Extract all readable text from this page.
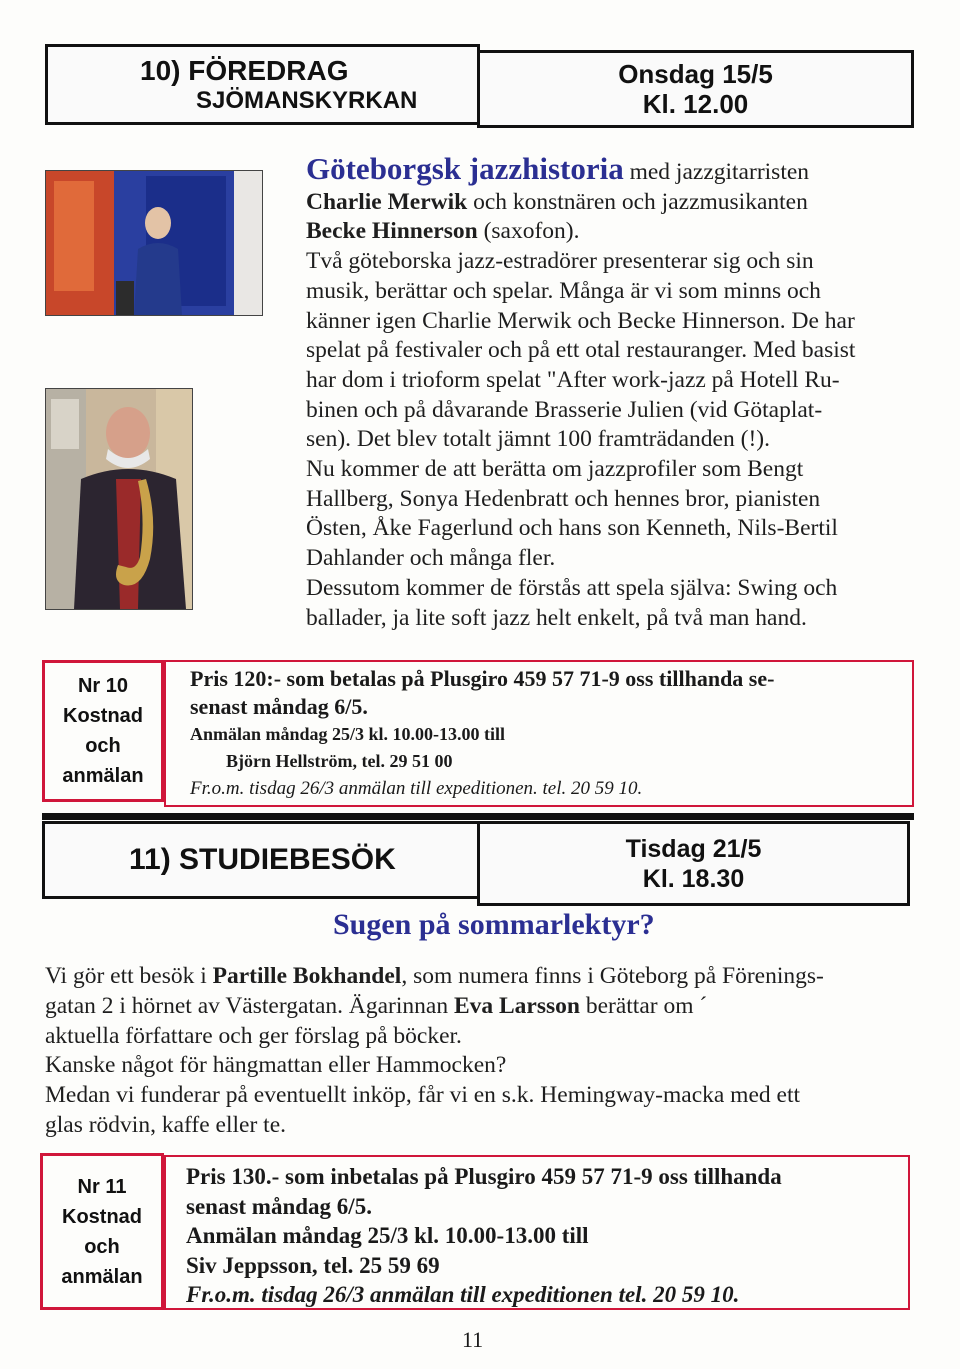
10) FÖREDRAG
SJÖMANSKYRKAN
Onsdag 15/5
Kl. 12.00
Göteborgsk jazzhistoria med jazzgitarristen
Charlie Merwik och konstnären och jazzmusikanten
Becke Hinnerson (saxofon).
Två göteborska jazz-estradörer presenterar sig och sin
musik, berättar och spelar. Många är vi som minns och
känner igen Charlie Merwik och Becke Hinnerson. De har
spelat på festivaler och på ett otal restauranger. Med basist
har dom i trioform spelat "After work-jazz på Hotell Ru-
binen och på dåvarande Brasserie Julien (vid Götaplat-
sen). Det blev totalt jämnt 100 framträdanden (!).
Nu kommer de att berätta om jazzprofiler som Bengt
Hallberg, Sonya Hedenbratt och hennes bror, pianisten
Östen, Åke Fagerlund och hans son Kenneth, Nils-Bertil
Dahlander och många fler.
Dessutom kommer de förstås att spela själva: Swing och
ballader, ja lite soft jazz helt enkelt, på två man hand.
Nr 10
Kostnad
och
anmälan
Pris 120:- som betalas på Plusgiro 459 57 71-9 oss tillhanda se-
senast måndag 6/5.
Anmälan måndag 25/3 kl. 10.00-13.00 till
Björn Hellström, tel. 29 51 00
Fr.o.m. tisdag 26/3 anmälan till expeditionen. tel. 20 59 10.
11) STUDIEBESÖK	Tisdag 21/5
Kl. 18.30
Sugen på sommarlektyr?
Vi gör ett besök i Partille Bokhandel, som numera finns i Göteborg på Förenings-
gatan 2 i hörnet av Västergatan. Ägarinnan Eva Larsson berättar om ´
aktuella författare och ger förslag på böcker.
Kanske något för hängmattan eller Hammocken?
Medan vi funderar på eventuellt inköp, får vi en s.k. Hemingway-macka med ett
glas rödvin, kaffe eller te.
Nr 11
Kostnad
och
anmälan
Pris 130.- som inbetalas på Plusgiro 459 57 71-9 oss tillhanda
senast måndag 6/5.
Anmälan måndag 25/3 kl. 10.00-13.00 till
Siv Jeppsson, tel. 25 59 69
Fr.o.m. tisdag 26/3 anmälan till expeditionen tel. 20 59 10.
11
